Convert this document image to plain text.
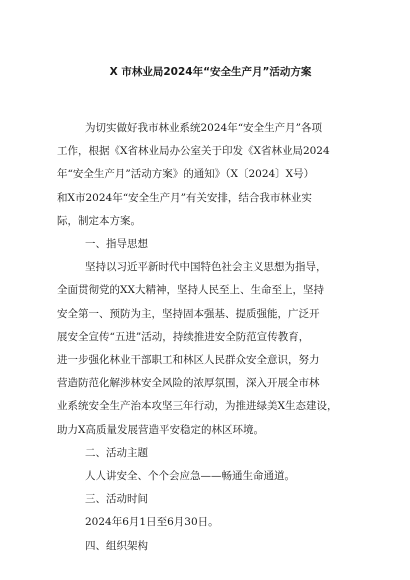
X 市林业局2024年“安全生产月”活动方案
为切实做好我市林业系统2024年“安全生产月”各项
工作，根据《X省林业局办公室关于印发《X省林业局2024
年“安全生产月”活动方案》的通知》（X〔2024〕X号）
和X市2024年“安全生产月”有关安排，结合我市林业实
际，制定本方案。
一、指导思想
坚持以习近平新时代中国特色社会主义思想为指导，
全面贯彻党的XX大精神，坚持人民至上、生命至上，坚持
安全第一、预防为主，坚持固本强基、提质强能，广泛开
展安全宣传“五进”活动，持续推进安全防范宣传教育，
进一步强化林业干部职工和林区人民群众安全意识，努力
营造防范化解涉林安全风险的浓厚氛围，深入开展全市林
业系统安全生产治本攻坚三年行动，为推进绿美X生态建设，
助力X高质量发展营造平安稳定的林区环境。
二、活动主题
人人讲安全、个个会应急——畅通生命通道。
三、活动时间
2024年6月1日至6月30日。
四、组织架构
